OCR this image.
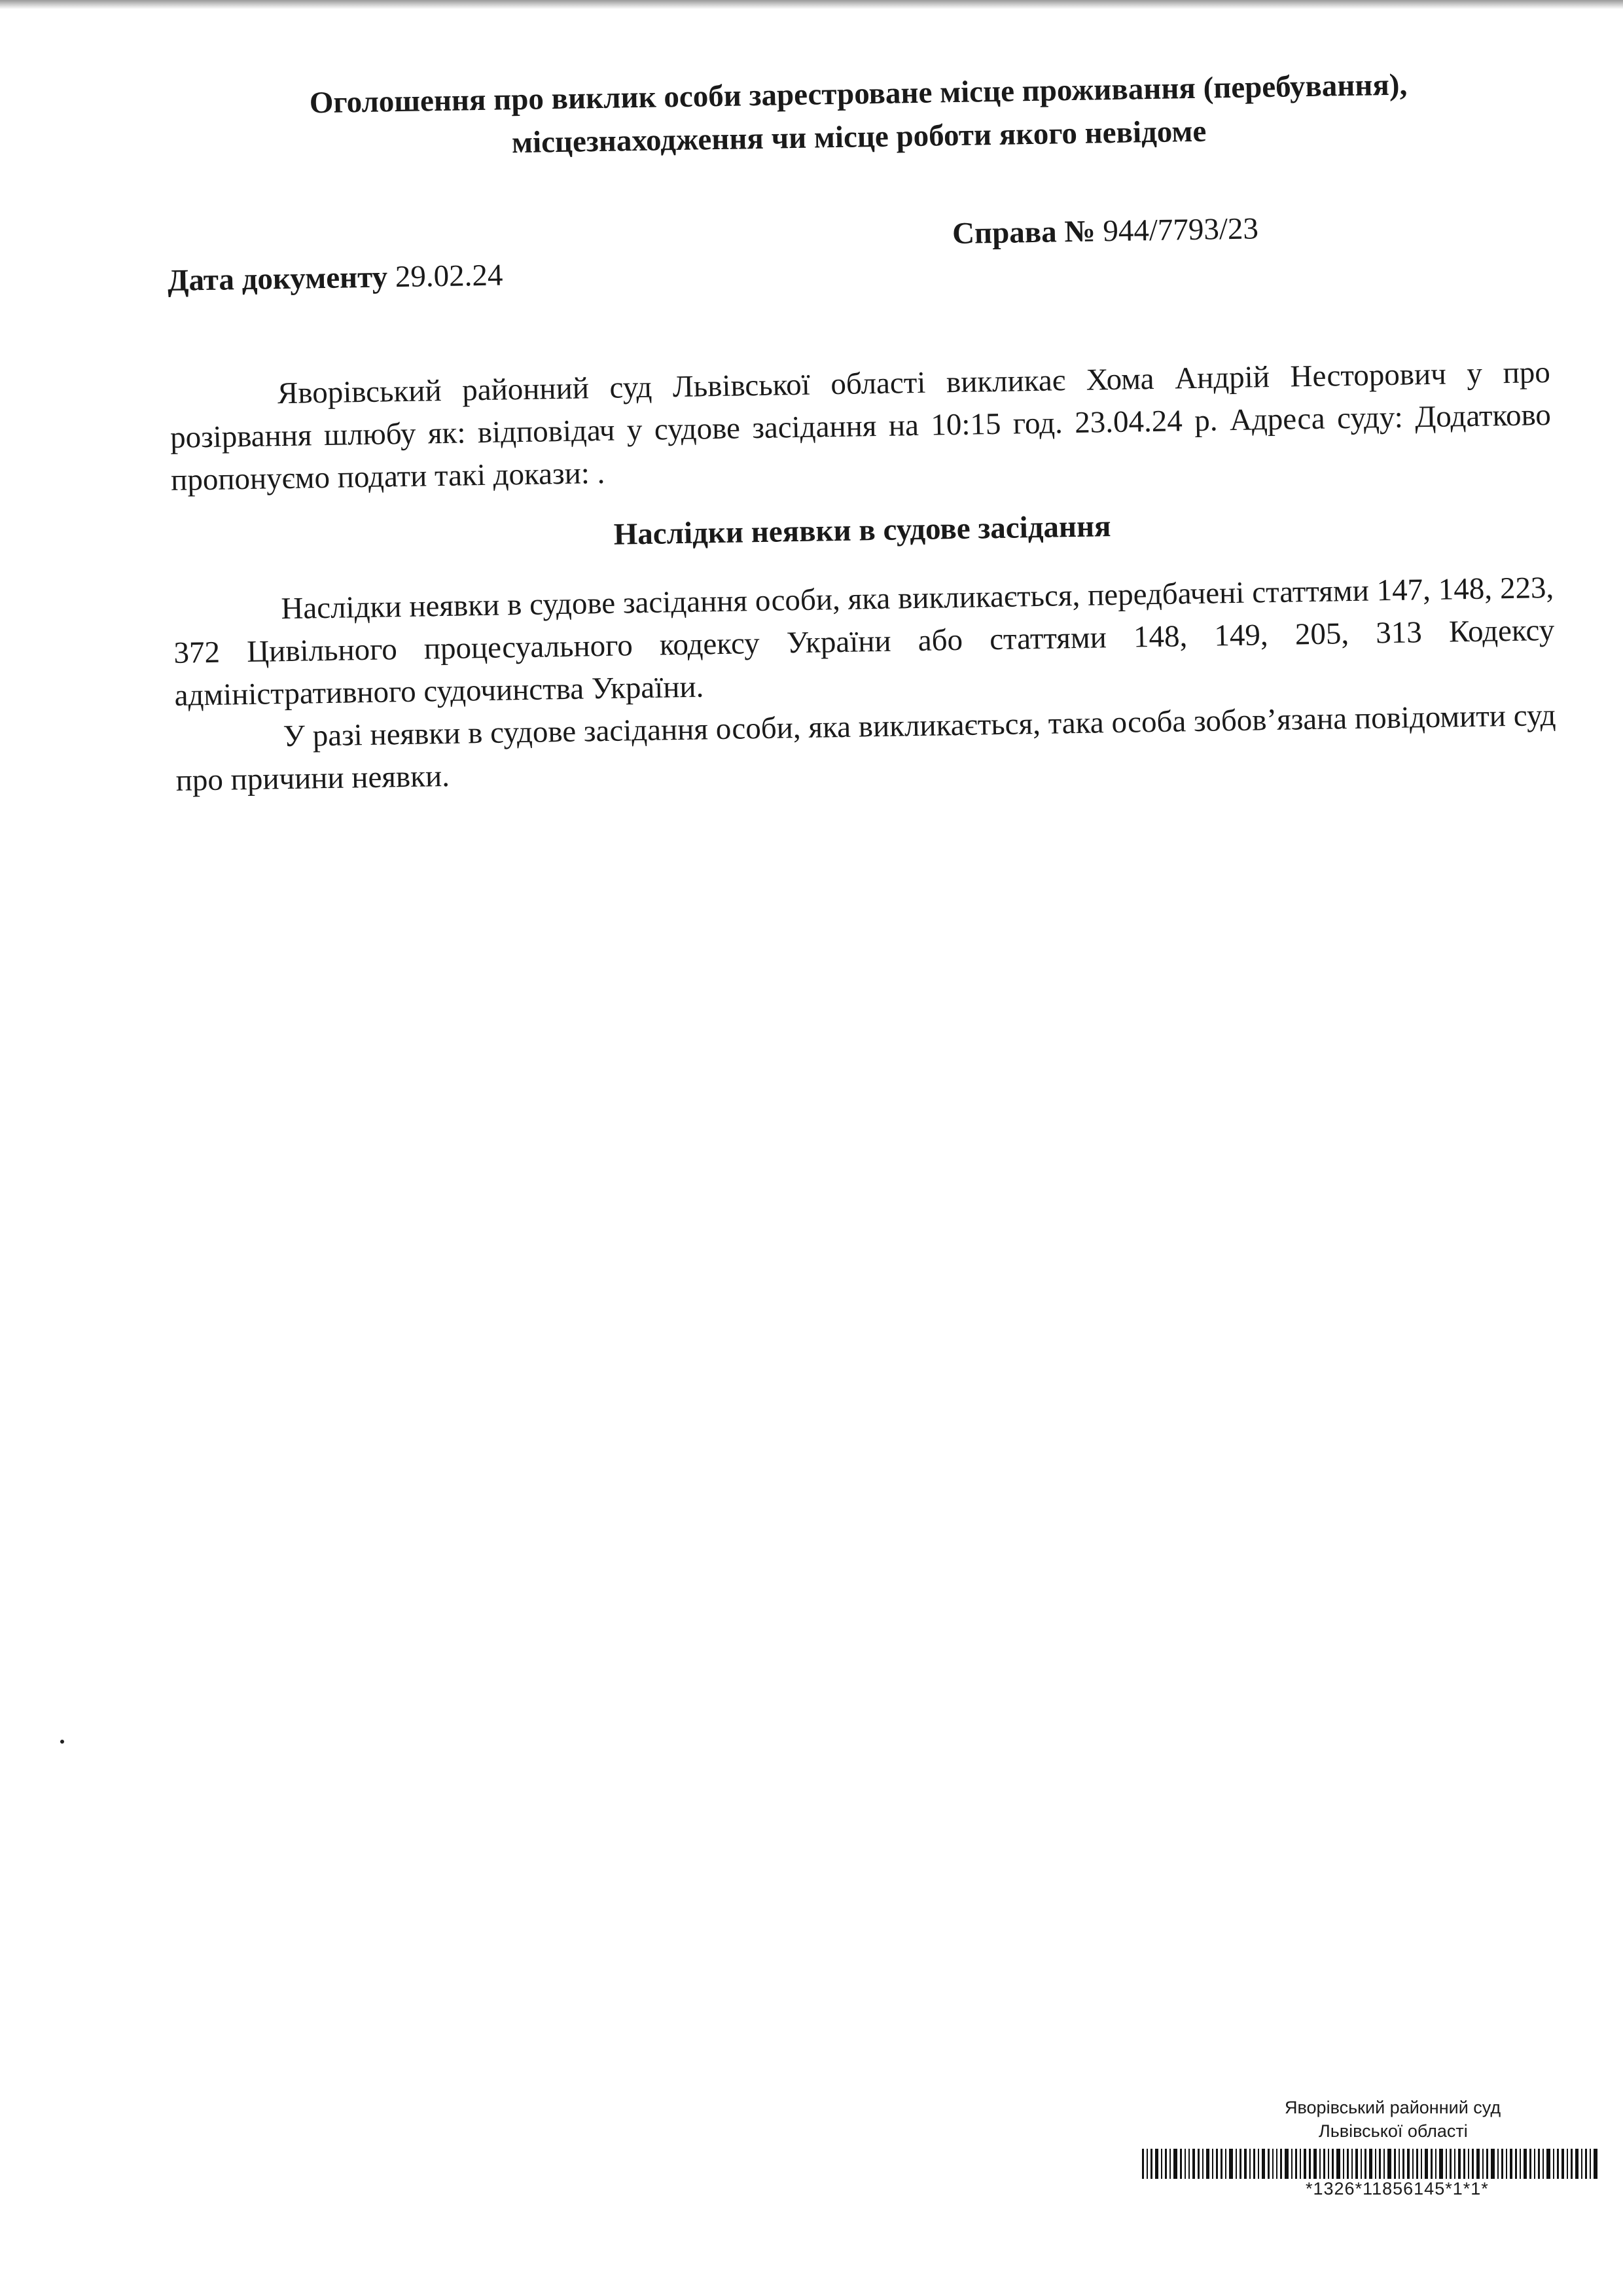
Оголошення про виклик особи зарестроване місце проживання (перебування),
місцезнаходження чи місце роботи якого невідоме
Дата документу 29.02.24
Справа № 944/7793/23

Яворівський районний суд Львівської області викликає Хома Андрій Несторович у про розірвання шлюбу як: відповідач у судове засідання на 10:15 год. 23.04.24 р. Адреса суду: Додатково пропонуємо подати такі докази: .

Наслідки неявки в судове засідання

Наслідки неявки в судове засідання особи, яка викликається, передбачені статтями 147, 148, 223, 372 Цивільного процесуального кодексу України або статтями 148, 149, 205, 313 Кодексу адміністративного судочинства України.

У разі неявки в судове засідання особи, яка викликається, така особа зобов’язана повідомити суд про причини неявки.

Яворівський районний суд
Львівської області
*1326*11856145*1*1*
